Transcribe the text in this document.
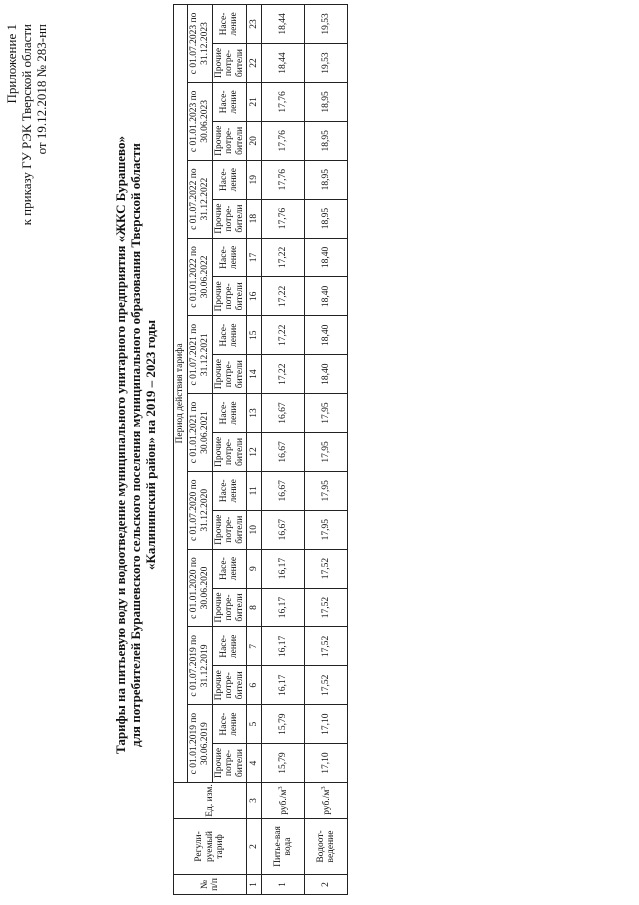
Приложение 1 к приказу ГУ РЭК Тверской области от 19.12.2018 № 283-нп
Тарифы на питьевую воду и водоотведение муниципального унитарного предприятия «ЖКС Бурашево» для потребителей Бурашевского сельского поселения муниципального образования Тверской области «Калининский район» на 2019 – 2023 годы
№ п/п	Регули-руемый тариф	Ед. изм.	Период действия тарифа																			
			с 01.01.2019 по 30.06.2019		с 01.07.2019 по 31.12.2019		с 01.01.2020 по 30.06.2020		с 01.07.2020 по 31.12.2020		с 01.01.2021 по 30.06.2021		с 01.07.2021 по 31.12.2021		с 01.01.2022 по 30.06.2022		с 01.07.2022 по 31.12.2022		с 01.01.2023 по 30.06.2023		с 01.07.2023 по 31.12.2023	
			Прочие потре-бители	Насе-ление	Прочие потре-бители	Насе-ление	Прочие потре-бители	Насе-ление	Прочие потре-бители	Насе-ление	Прочие потре-бители	Насе-ление	Прочие потре-бители	Насе-ление	Прочие потре-бители	Насе-ление	Прочие потре-бители	Насе-ление	Прочие потре-бители	Насе-ление	Прочие потре-бители	Насе-ление
1	2	3	4	5	6	7	8	9	10	11	12	13	14	15	16	17	18	19	20	21	22	23
1	Питье-вая вода	$руб./м^3$	15,79	15,79	16,17	16,17	16,17	16,17	16,67	16,67	16,67	16,67	17,22	17,22	17,22	17,22	17,76	17,76	17,76	17,76	18,44	18,44
2	Водоот-ведение	$руб./м^3$	17,10	17,10	17,52	17,52	17,52	17,52	17,95	17,95	17,95	17,95	18,40	18,40	18,40	18,40	18,95	18,95	18,95	18,95	19,53	19,53
